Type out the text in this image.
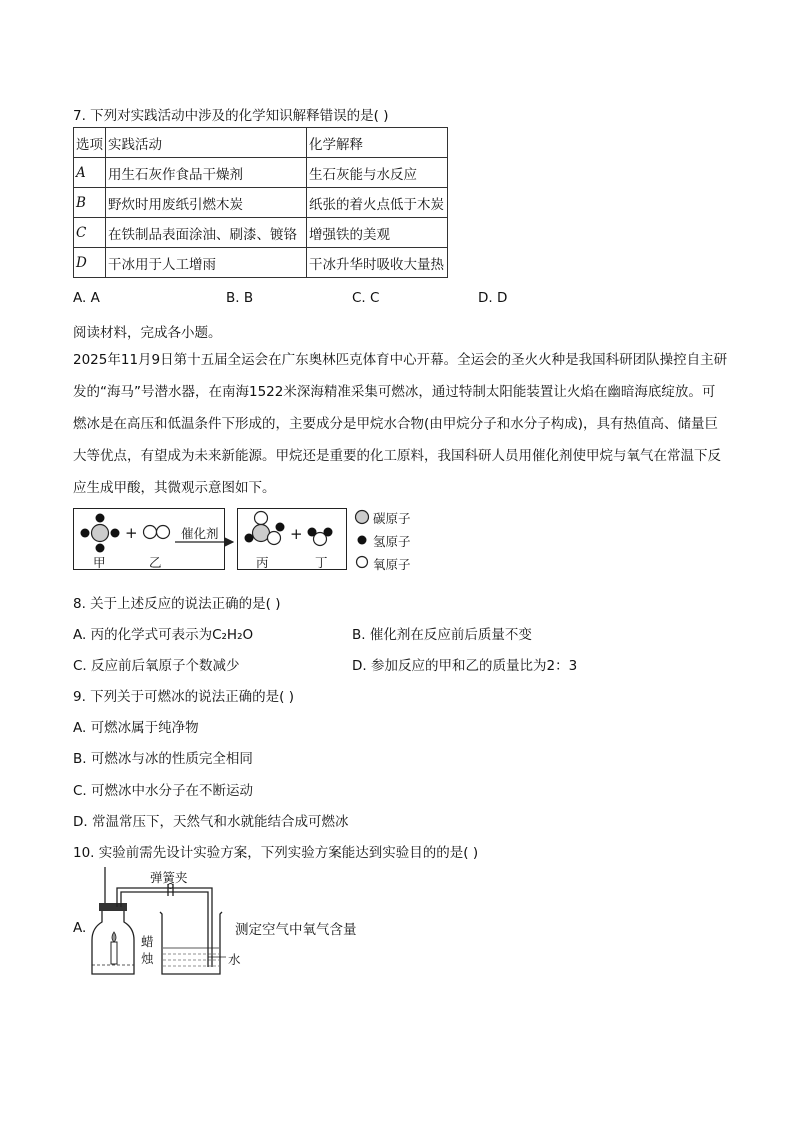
7. 下列对实践活动中涉及的化学知识解释错误的是( )
选项	实践活动	化学解释
A	用生石灰作食品干燥剂	生石灰能与水反应
B	野炊时用废纸引燃木炭	纸张的着火点低于木炭
C	在铁制品表面涂油、刷漆、镀铬	增强铁的美观
D	干冰用于人工增雨	干冰升华时吸收大量热
A. A	B. B	C. C	D. D
阅读材料，完成各小题。
2025年11月9日第十五届全运会在广东奥林匹克体育中心开幕。全运会的圣火火种是我国科研团队操控自主研发的“海马”号潜水器，在南海1522米深海精准采集可燃冰，通过特制太阳能装置让火焰在幽暗海底绽放。可燃冰是在高压和低温条件下形成的，主要成分是甲烷水合物(由甲烷分子和水分子构成)，具有热值高、储量巨大等优点，有望成为未来新能源。甲烷还是重要的化工原料，我国科研人员用催化剂使甲烷与氧气在常温下反应生成甲酸，其微观示意图如下。
+	+
催化剂
甲	乙	丙	丁
碳原子
氢原子
氧原子
8. 关于上述反应的说法正确的是( )
A. 丙的化学式可表示为C₂H₂O	B. 催化剂在反应前后质量不变
C. 反应前后氧原子个数减少	D. 参加反应的甲和乙的质量比为2：3
9. 下列关于可燃冰的说法正确的是( )
A. 可燃冰属于纯净物
B. 可燃冰与冰的性质完全相同
C. 可燃冰中水分子在不断运动
D. 常温常压下，天然气和水就能结合成可燃冰
10. 实验前需先设计实验方案，下列实验方案能达到实验目的的是( )
A.
弹簧夹
蜡烛	水
测定空气中氧气含量
